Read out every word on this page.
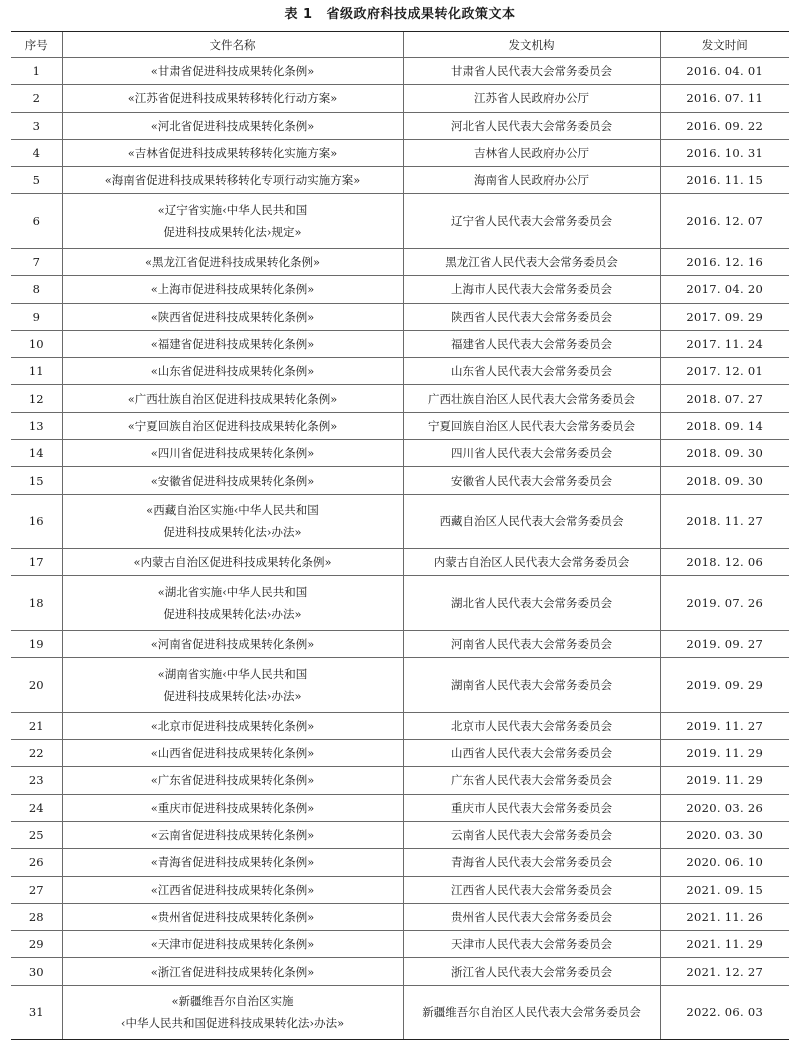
表 1 省级政府科技成果转化政策文本
序号	文件名称	发文机构	发文时间
1	«甘肃省促进科技成果转化条例»	甘肃省人民代表大会常务委员会	2016. 04. 01
2	«江苏省促进科技成果转移转化行动方案»	江苏省人民政府办公厅	2016. 07. 11
3	«河北省促进科技成果转化条例»	河北省人民代表大会常务委员会	2016. 09. 22
4	«吉林省促进科技成果转移转化实施方案»	吉林省人民政府办公厅	2016. 10. 31
5	«海南省促进科技成果转移转化专项行动实施方案»	海南省人民政府办公厅	2016. 11. 15
6	«辽宁省实施‹中华人民共和国
促进科技成果转化法›规定»	辽宁省人民代表大会常务委员会	2016. 12. 07
7	«黑龙江省促进科技成果转化条例»	黑龙江省人民代表大会常务委员会	2016. 12. 16
8	«上海市促进科技成果转化条例»	上海市人民代表大会常务委员会	2017. 04. 20
9	«陕西省促进科技成果转化条例»	陕西省人民代表大会常务委员会	2017. 09. 29
10	«福建省促进科技成果转化条例»	福建省人民代表大会常务委员会	2017. 11. 24
11	«山东省促进科技成果转化条例»	山东省人民代表大会常务委员会	2017. 12. 01
12	«广西壮族自治区促进科技成果转化条例»	广西壮族自治区人民代表大会常务委员会	2018. 07. 27
13	«宁夏回族自治区促进科技成果转化条例»	宁夏回族自治区人民代表大会常务委员会	2018. 09. 14
14	«四川省促进科技成果转化条例»	四川省人民代表大会常务委员会	2018. 09. 30
15	«安徽省促进科技成果转化条例»	安徽省人民代表大会常务委员会	2018. 09. 30
16	«西藏自治区实施‹中华人民共和国
促进科技成果转化法›办法»	西藏自治区人民代表大会常务委员会	2018. 11. 27
17	«内蒙古自治区促进科技成果转化条例»	内蒙古自治区人民代表大会常务委员会	2018. 12. 06
18	«湖北省实施‹中华人民共和国
促进科技成果转化法›办法»	湖北省人民代表大会常务委员会	2019. 07. 26
19	«河南省促进科技成果转化条例»	河南省人民代表大会常务委员会	2019. 09. 27
20	«湖南省实施‹中华人民共和国
促进科技成果转化法›办法»	湖南省人民代表大会常务委员会	2019. 09. 29
21	«北京市促进科技成果转化条例»	北京市人民代表大会常务委员会	2019. 11. 27
22	«山西省促进科技成果转化条例»	山西省人民代表大会常务委员会	2019. 11. 29
23	«广东省促进科技成果转化条例»	广东省人民代表大会常务委员会	2019. 11. 29
24	«重庆市促进科技成果转化条例»	重庆市人民代表大会常务委员会	2020. 03. 26
25	«云南省促进科技成果转化条例»	云南省人民代表大会常务委员会	2020. 03. 30
26	«青海省促进科技成果转化条例»	青海省人民代表大会常务委员会	2020. 06. 10
27	«江西省促进科技成果转化条例»	江西省人民代表大会常务委员会	2021. 09. 15
28	«贵州省促进科技成果转化条例»	贵州省人民代表大会常务委员会	2021. 11. 26
29	«天津市促进科技成果转化条例»	天津市人民代表大会常务委员会	2021. 11. 29
30	«浙江省促进科技成果转化条例»	浙江省人民代表大会常务委员会	2021. 12. 27
31	«新疆维吾尔自治区实施
‹中华人民共和国促进科技成果转化法›办法»	新疆维吾尔自治区人民代表大会常务委员会	2022. 06. 03
